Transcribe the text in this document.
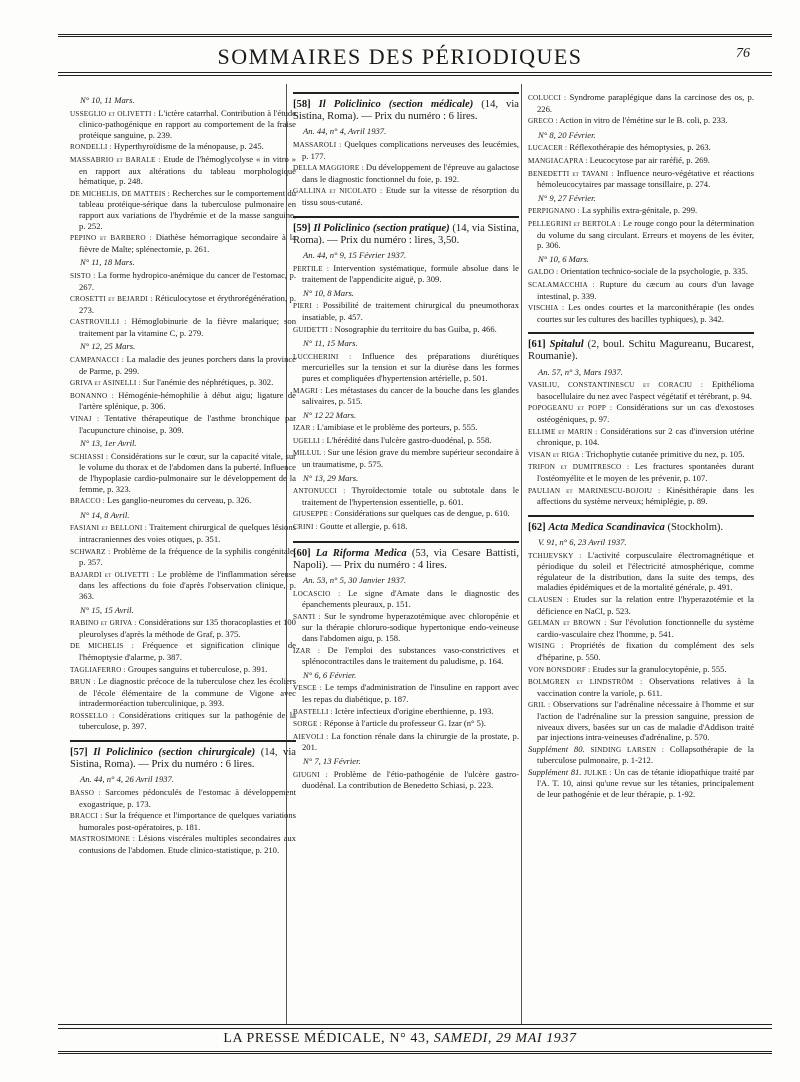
SOMMAIRES DES PÉRIODIQUES	76
N° 10, 11 Mars.
USSEGLIO et OLIVETTI : L'ictère catarrhal. Contribution à l'étude clinico-pathogénique en rapport au comportement de la fraise protéique sanguine, p. 239.
RONDELLI : Hyperthyroïdisme de la ménopause, p. 245.
MASSABRIO et BARALE : Etude de l'hémoglycolyse « in vitro » en rapport aux altérations du tableau morphologique hématique, p. 248.
DE MICHELIS, DE MATTEIS : Recherches sur le comportement du tableau protéique-sérique dans la tuberculose pulmonaire en rapport aux variations de l'hydrémie et de la masse sanguine, p. 252.
PEPINO et BARBERO : Diathèse hémorragique secondaire à la fièvre de Malte; splénectomie, p. 261.
N° 11, 18 Mars.
SISTO : La forme hydropico-anémique du cancer de l'estomac, p. 267.
CROSETTI et BEJARDI : Réticulocytose et érythrorégénération, p. 273.
CASTROVILLI : Hémoglobinurie de la fièvre malarique; son traitement par la vitamine C, p. 279.
N° 12, 25 Mars.
CAMPANACCI : La maladie des jeunes porchers dans la province de Parme, p. 299.
GRIVA et ASINELLI : Sur l'anémie des néphrétiques, p. 302.
BONANNO : Hémogénie-hémophilie à début aigu; ligature de l'artère splénique, p. 306.
VINAJ : Tentative thérapeutique de l'asthme bronchique par l'acupuncture chinoise, p. 309.
N° 13, 1er Avril.
SCHIASSI : Considérations sur le cœur, sur la capacité vitale, sur le volume du thorax et de l'abdomen dans la puberté. Influence de l'hypoplasie cardio-pulmonaire sur le développement de la femme, p. 323.
BRACCO : Les ganglio-neuromes du cerveau, p. 326.
N° 14, 8 Avril.
FASIANI et BELLONI : Traitement chirurgical de quelques lésions intracraniennes des voies otiques, p. 351.
SCHWARZ : Problème de la fréquence de la syphilis congénitale, p. 357.
BAJARDI et OLIVETTI : Le problème de l'inflammation séreuse dans les affections du foie d'après l'observation clinique, p. 363.
N° 15, 15 Avril.
RABINO et GRIVA : Considérations sur 135 thoracoplasties et 100 pleurolyses d'après la méthode de Graf, p. 375.
DE MICHELIS : Fréquence et signification clinique de l'hémoptysie d'alarme, p. 387.
TAGLIAFERRO : Groupes sanguins et tuberculose, p. 391.
BRUN : Le diagnostic précoce de la tuberculose chez les écoliers de l'école élémentaire de la commune de Vigone avec intradermoréaction tuberculinique, p. 393.
ROSSELLO : Considérations critiques sur la pathogénie de la tuberculose, p. 397.
[57] Il Policlinico (section chirurgicale) (14, via Sistina, Roma). — Prix du numéro : 6 lires.
An. 44, n° 4, 26 Avril 1937.
BASSO : Sarcomes pédonculés de l'estomac à développement exogastrique, p. 173.
BRACCI : Sur la fréquence et l'importance de quelques variations humorales post-opératoires, p. 181.
MASTROSIMONE : Lésions viscérales multiples secondaires aux contusions de l'abdomen. Etude clinico-statistique, p. 210.
[58] Il Policlinico (section médicale) (14, via Sistina, Roma). — Prix du numéro : 6 lires.
An. 44, n° 4, Avril 1937.
MASSAROLI : Quelques complications nerveuses des leucémies, p. 177.
DELLA MAGGIORE : Du développement de l'épreuve au galactose dans le diagnostic fonctionnel du foie, p. 192.
GALLINA et NICOLATO : Etude sur la vitesse de résorption du tissu sous-cutané.
[59] Il Policlinico (section pratique) (14, via Sistina, Roma). — Prix du numéro : lires, 3,50.
An. 44, n° 9, 15 Février 1937.
PERTILE : Intervention systématique, formule absolue dans le traitement de l'appendicite aiguë, p. 309.
N° 10, 8 Mars.
PIERI : Possibilité de traitement chirurgical du pneumothorax insatiable, p. 457.
GUIDETTI : Nosographie du territoire du bas Guiba, p. 466.
N° 11, 15 Mars.
LUCCHERINI : Influence des préparations diurétiques mercurielles sur la tension et sur la diurèse dans les formes pures et compliquées d'hypertension artérielle, p. 501.
MAGRI : Les métastases du cancer de la bouche dans les glandes salivaires, p. 515.
N° 12 22 Mars.
IZAR : L'amibiase et le problème des porteurs, p. 555.
UGELLI : L'hérédité dans l'ulcère gastro-duodénal, p. 558.
MILLUL : Sur une lésion grave du membre supérieur secondaire à un traumatisme, p. 575.
N° 13, 29 Mars.
ANTONUCCI : Thyroïdectomie totale ou subtotale dans le traitement de l'hypertension essentielle, p. 601.
GIUSEPPE : Considérations sur quelques cas de dengue, p. 610.
CRINI : Goutte et allergie, p. 618.
[60] La Riforma Medica (53, via Cesare Battisti, Napoli). — Prix du numéro : 4 lires.
An. 53, n° 5, 30 Janvier 1937.
LOCASCIO : Le signe d'Amate dans le diagnostic des épanchements pleuraux, p. 151.
SANTI : Sur le syndrome hyperazotémique avec chloropénie et sur la thérapie chloruro-sodique hypertonique endo-veineuse dans l'abdomen aigu, p. 158.
IZAR : De l'emploi des substances vaso-constrictives et splénocontractiles dans le traitement du paludisme, p. 164.
N° 6, 6 Février.
VESCE : Le temps d'administration de l'insuline en rapport avec les repas du diabétique, p. 187.
BASTELLI : Ictère infectieux d'origine eberthienne, p. 193.
SORGE : Réponse à l'article du professeur G. Izar (n° 5).
AIEVOLI : La fonction rénale dans la chirurgie de la prostate, p. 201.
N° 7, 13 Février.
GIUGNI : Problème de l'étio-pathogénie de l'ulcère gastro-duodénal. La contribution de Benedetto Schiasi, p. 223.
COLUCCI : Syndrome paraplégique dans la carcinose des os, p. 226.
GRECO : Action in vitro de l'émétine sur le B. coli, p. 233.
N° 8, 20 Février.
LUCACER : Réflexothérapie des hémoptysies, p. 263.
MANGIACAPRA : Leucocytose par air raréfié, p. 269.
BENEDETTI et TAVANI : Influence neuro-végétative et réactions hémoleucocytaires par massage tonsillaire, p. 274.
N° 9, 27 Février.
PERPIGNANO : La syphilis extra-génitale, p. 299.
PELLEGRINI et BERTOLA : Le rouge congo pour la détermination du volume du sang circulant. Erreurs et moyens de les éviter, p. 306.
N° 10, 6 Mars.
GALDO : Orientation technico-sociale de la psychologie, p. 335.
SCALAMACCHIA : Rupture du cæcum au cours d'un lavage intestinal, p. 339.
VISCHIA : Les ondes courtes et la marconithérapie (les ondes courtes sur les cultures des bacilles typhiques), p. 342.
[61] Spitalul (2, boul. Schitu Magureanu, Bucarest, Roumanie).
An. 57, n° 3, Mars 1937.
VASILIU, CONSTANTINESCU et CORACIU : Epithélioma basocellulaire du nez avec l'aspect végétatif et térébrant, p. 94.
POPOGEANU et POPP : Considérations sur un cas d'exostoses ostéogéniques, p. 97.
ELLIME et MARIN : Considérations sur 2 cas d'inversion utérine chronique, p. 104.
VISAN et RIGA : Trichophytie cutanée primitive du nez, p. 105.
TRIFON et DUMITRESCO : Les fractures spontanées durant l'ostéomyélite et le moyen de les prévenir, p. 107.
PAULIAN et MARINESCU-BOJOIU : Kinésithérapie dans les affections du système nerveux; hémiplégie, p. 89.
[62] Acta Medica Scandinavica (Stockholm).
V. 91, n° 6, 23 Avril 1937.
TCHIJEVSKY : L'activité corpusculaire électromagnétique et périodique du soleil et l'électricité atmosphérique, comme régulateur de la distribution, dans la suite des temps, des maladies épidémiques et de la mortalité générale, p. 491.
CLAUSEN : Etudes sur la relation entre l'hyperazotémie et la déficience en NaCl, p. 523.
GELMAN et BROWN : Sur l'évolution fonctionnelle du système cardio-vasculaire chez l'homme, p. 541.
WISING : Propriétés de fixation du complément des sels d'héparine, p. 550.
VON BONSDORF : Etudes sur la granulocytopénie, p. 555.
BOLMGREN et LINDSTRÖM : Observations relatives à la vaccination contre la variole, p. 611.
GRIL : Observations sur l'adrénaline nécessaire à l'homme et sur l'action de l'adrénaline sur la pression sanguine, pression de niveaux divers, basées sur un cas de maladie d'Addison traité par injections intra-veineuses d'adrénaline, p. 570.
Supplément 80. SINDING LARSEN : Collapsothérapie de la tuberculose pulmonaire, p. 1-212.
Supplément 81. JULKE : Un cas de tétanie idiopathique traité par l'A. T. 10, ainsi qu'une revue sur les tétanies, principalement de leur pathogénie et de leur thérapie, p. 1-92.
LA PRESSE MÉDICALE, N° 43, SAMEDI, 29 MAI 1937
